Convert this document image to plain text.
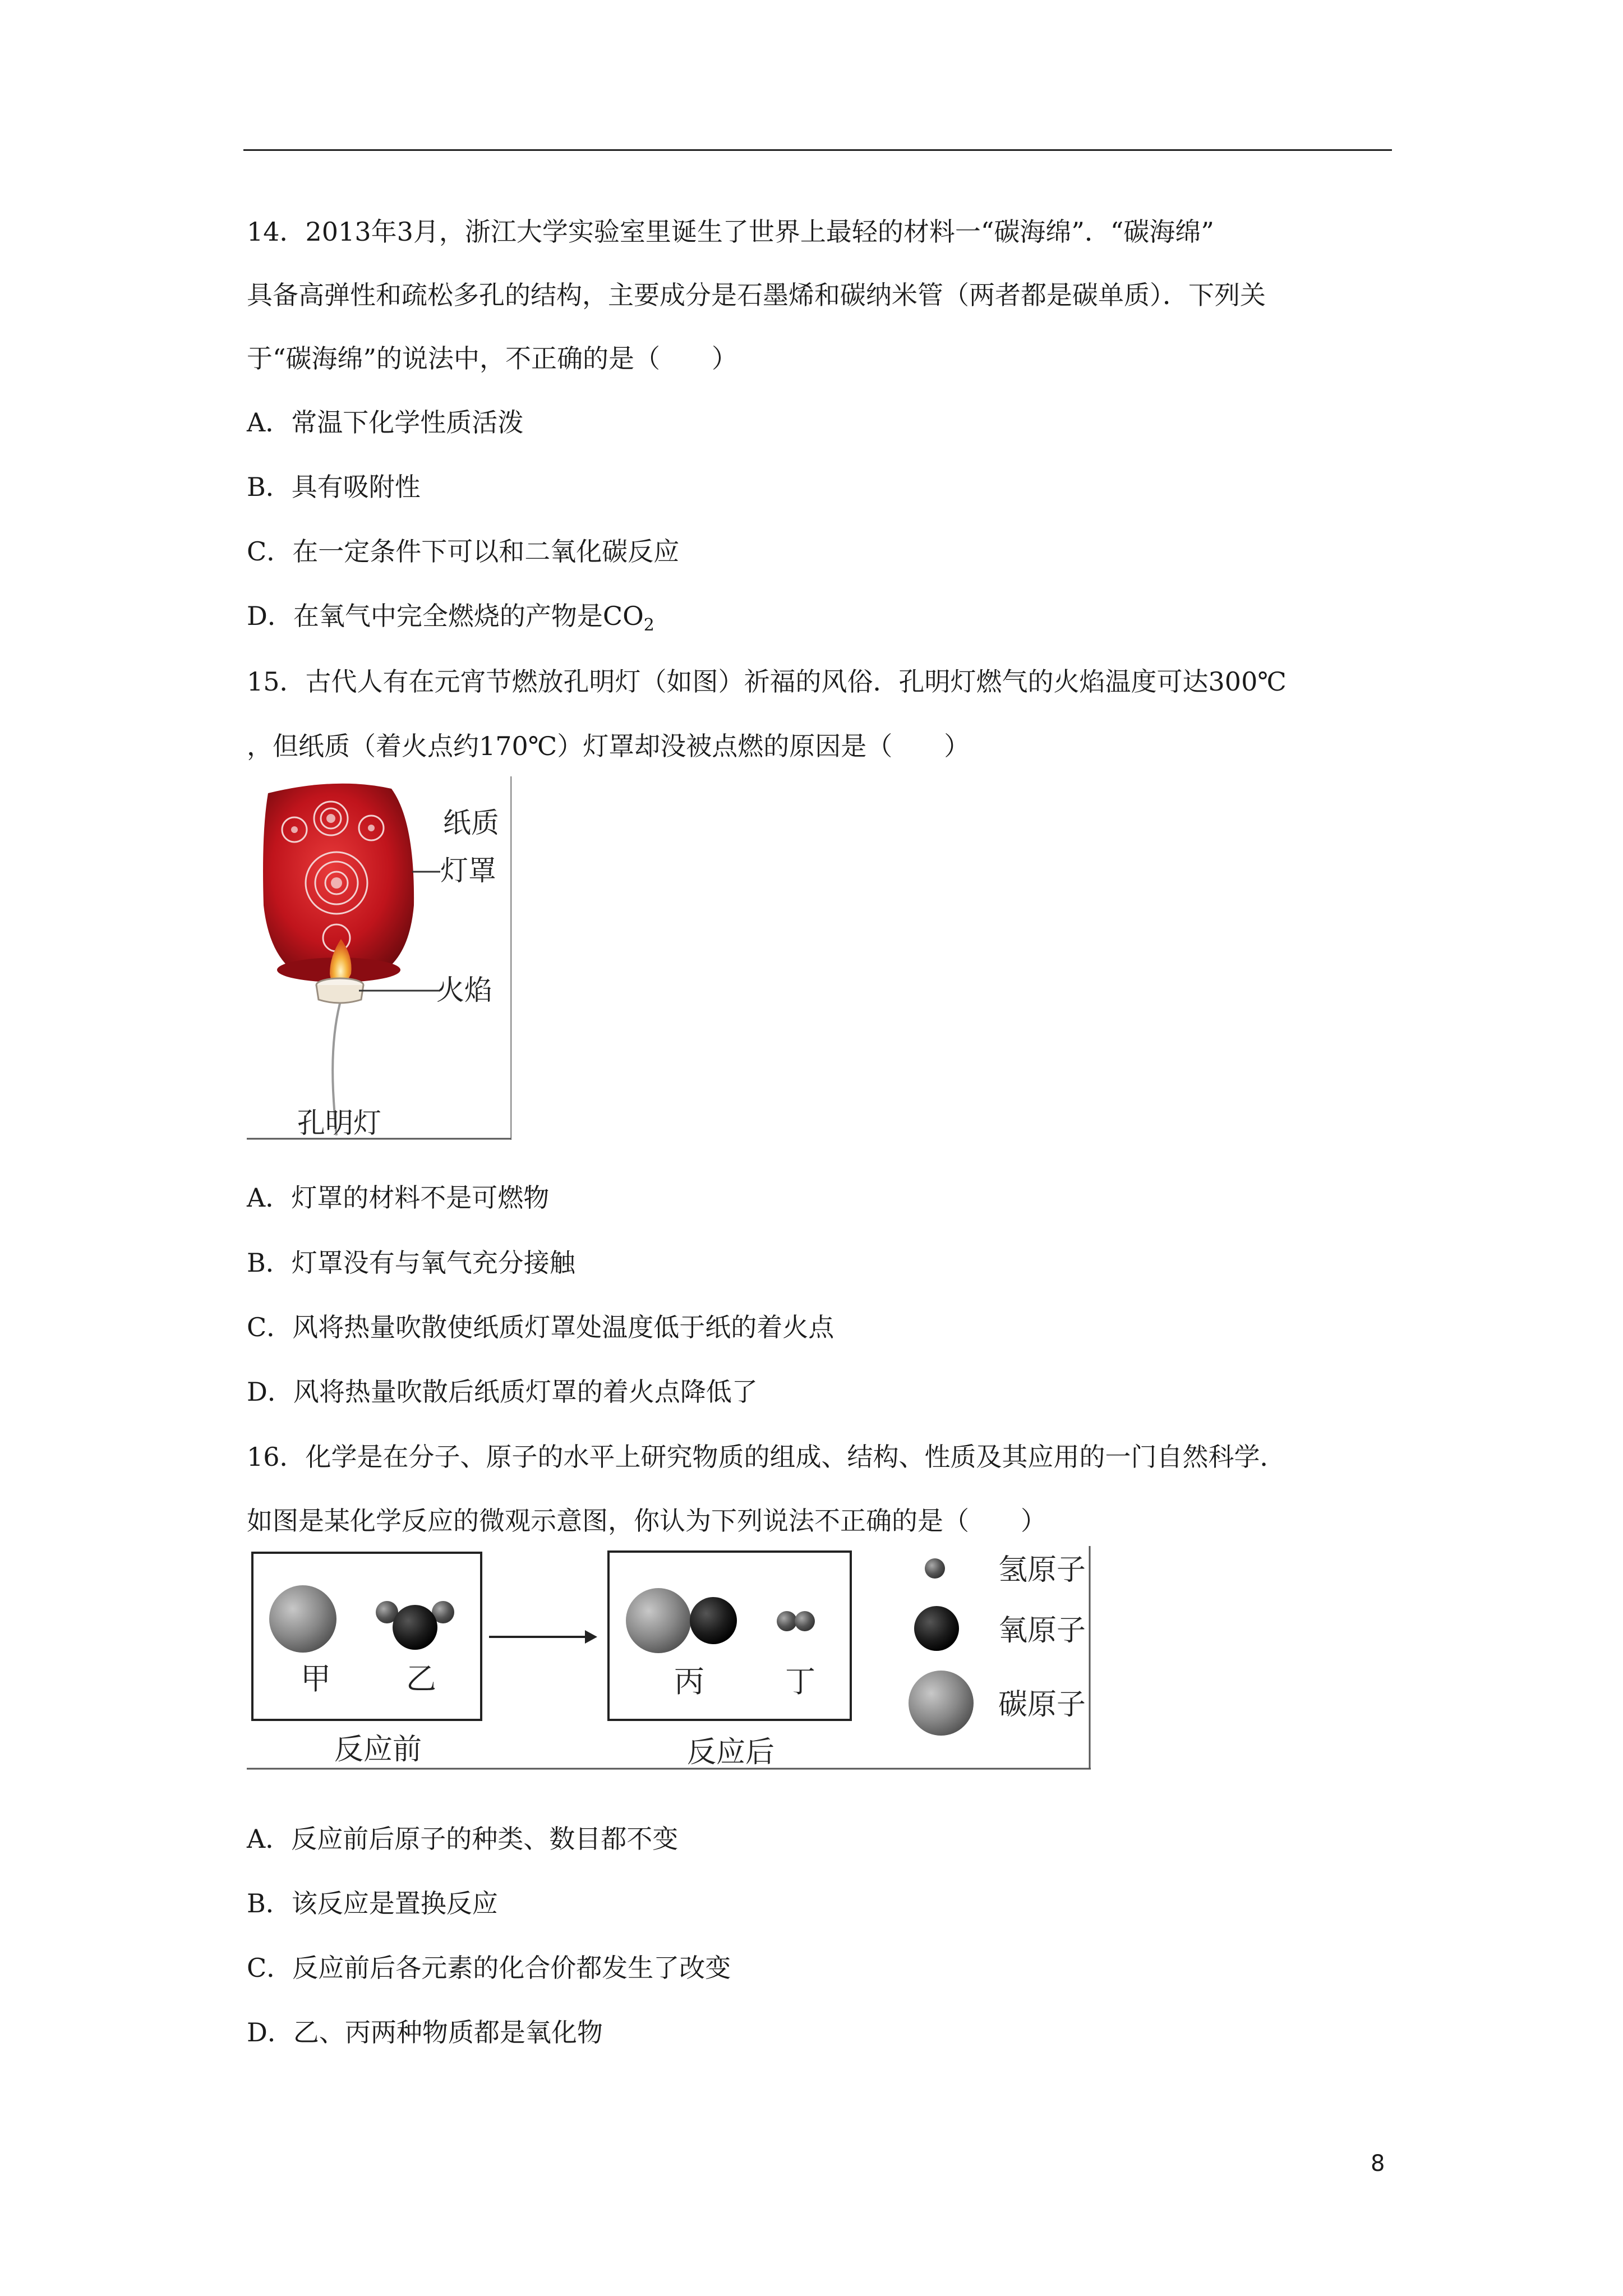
14．2013年3月，浙江大学实验室里诞生了世界上最轻的材料一“碳海绵”．“碳海绵”
具备高弹性和疏松多孔的结构，主要成分是石墨烯和碳纳米管（两者都是碳单质）．下列关
于“碳海绵”的说法中，不正确的是（　　）
A．常温下化学性质活泼
B．具有吸附性
C．在一定条件下可以和二氧化碳反应
D．在氧气中完全燃烧的产物是$CO_2$
15．古代人有在元宵节燃放孔明灯（如图）祈福的风俗．孔明灯燃气的火焰温度可达300℃
，但纸质（着火点约170℃）灯罩却没被点燃的原因是（　　）
纸质
灯罩
火焰
孔明灯
A．灯罩的材料不是可燃物
B．灯罩没有与氧气充分接触
C．风将热量吹散使纸质灯罩处温度低于纸的着火点
D．风将热量吹散后纸质灯罩的着火点降低了
16．化学是在分子、原子的水平上研究物质的组成、结构、性质及其应用的一门自然科学．
如图是某化学反应的微观示意图，你认为下列说法不正确的是（　　）
甲 乙	丙	丁
反应前	反应后
氢原子
氧原子
碳原子
A．反应前后原子的种类、数目都不变
B．该反应是置换反应
C．反应前后各元素的化合价都发生了改变
D．乙、丙两种物质都是氧化物
8
